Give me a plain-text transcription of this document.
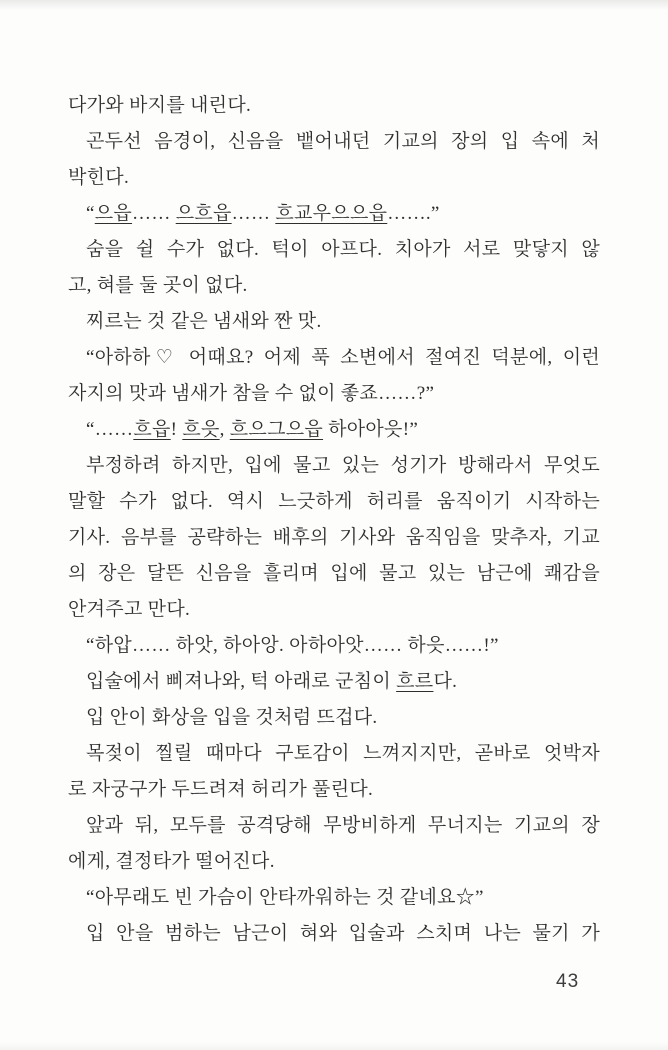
다가와 바지를 내린다.
곤두선 음경이, 신음을 뱉어내던 기교의 장의 입 속에 처
박힌다.
“으읍…… 으흐읍…… 흐교우으으읍…….”
숨을 쉴 수가 없다. 턱이 아프다. 치아가 서로 맞닿지 않
고, 혀를 둘 곳이 없다.
찌르는 것 같은 냄새와 짠 맛.
“아하하♡ 어때요? 어제 푹 소변에서 절여진 덕분에, 이런
자지의 맛과 냄새가 참을 수 없이 좋죠……?”
“……흐읍! 흐읏, 흐으그으읍 하아아읏!”
부정하려 하지만, 입에 물고 있는 성기가 방해라서 무엇도
말할 수가 없다. 역시 느긋하게 허리를 움직이기 시작하는
기사. 음부를 공략하는 배후의 기사와 움직임을 맞추자, 기교
의 장은 달뜬 신음을 흘리며 입에 물고 있는 남근에 쾌감을
안겨주고 만다.
“하압…… 하앗, 하아앙. 아하아앗…… 하읏……!”
입술에서 삐져나와, 턱 아래로 군침이 흐르다.
입 안이 화상을 입을 것처럼 뜨겁다.
목젖이 찔릴 때마다 구토감이 느껴지지만, 곧바로 엇박자
로 자궁구가 두드려져 허리가 풀린다.
앞과 뒤, 모두를 공격당해 무방비하게 무너지는 기교의 장
에게, 결정타가 떨어진다.
“아무래도 빈 가슴이 안타까워하는 것 같네요☆”
입 안을 범하는 남근이 혀와 입술과 스치며 나는 물기 가
43
